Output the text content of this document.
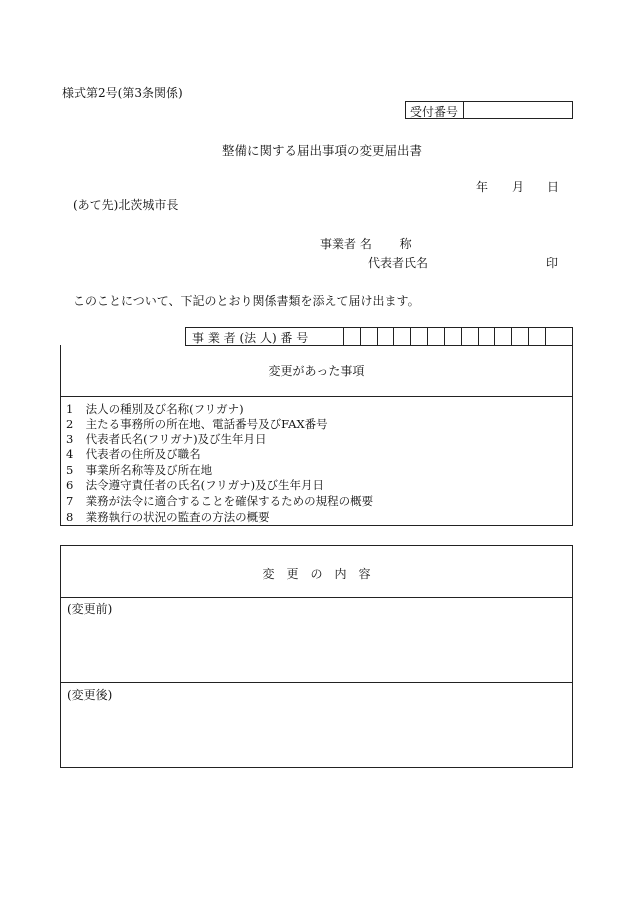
様式第2号(第3条関係)
受付番号
整備に関する届出事項の変更届出書
年 月 日
(あて先)北茨城市長
事業者 名　　 称
代表者氏名	印
このことについて、下記のとおり関係書類を添えて届け出ます。
事 業 者 (法 人) 番 号
変更があった事項
1 法人の種別及び名称(フリガナ)
2 主たる事務所の所在地、電話番号及びFAX番号
3 代表者氏名(フリガナ)及び生年月日
4 代表者の住所及び職名
5 事業所名称等及び所在地
6 法令遵守責任者の氏名(フリガナ)及び生年月日
7 業務が法令に適合することを確保するための規程の概要
8 業務執行の状況の監査の方法の概要
変　更　の　内　容
(変更前)
(変更後)
